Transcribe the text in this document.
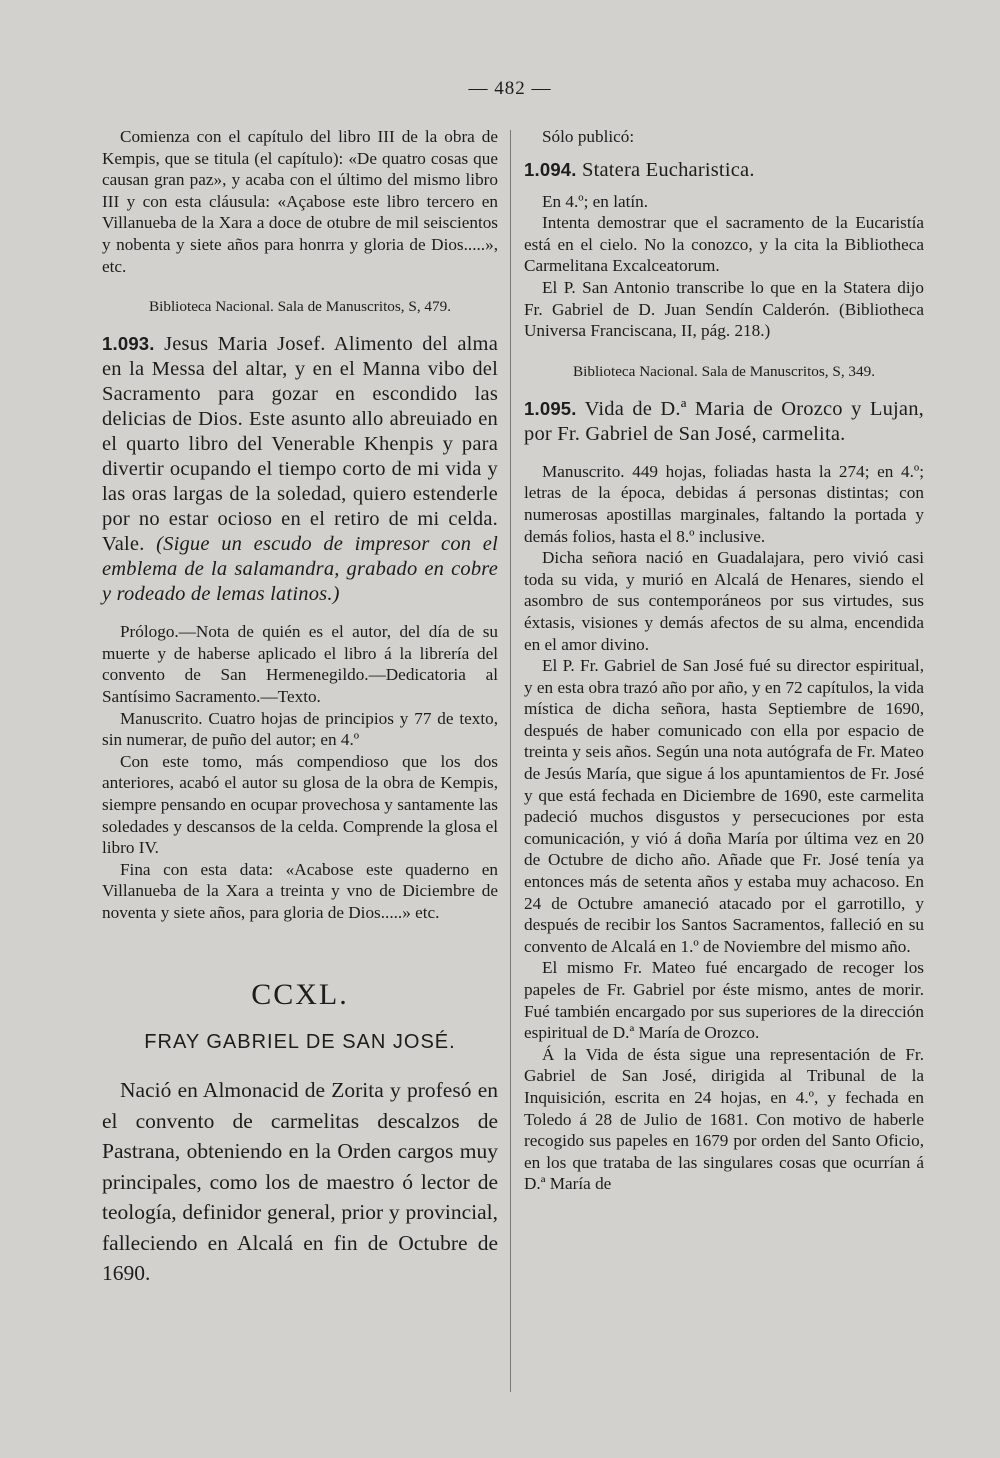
— 482 —

Comienza con el capítulo del libro III de la obra de Kempis, que se titula (el capítulo): «De quatro cosas que causan gran paz», y acaba con el último del mismo libro III y con esta cláusula: «Açabose este libro tercero en Villanueba de la Xara a doce de otubre de mil seiscientos y nobenta y siete años para honrra y gloria de Dios.....», etc.

Biblioteca Nacional. Sala de Manuscritos, S, 479.

1.093. Jesus Maria Josef. Alimento del alma en la Messa del altar, y en el Manna vibo del Sacramento para gozar en escondido las delicias de Dios. Este asunto allo abreuiado en el quarto libro del Venerable Khenpis y para divertir ocupando el tiempo corto de mi vida y las oras largas de la soledad, quiero estenderle por no estar ocioso en el retiro de mi celda. Vale. (Sigue un escudo de impresor con el emblema de la salamandra, grabado en cobre y rodeado de lemas latinos.)

Prólogo.—Nota de quién es el autor, del día de su muerte y de haberse aplicado el libro á la librería del convento de San Hermenegildo.—Dedicatoria al Santísimo Sacramento.—Texto.

Manuscrito. Cuatro hojas de principios y 77 de texto, sin numerar, de puño del autor; en 4.º

Con este tomo, más compendioso que los dos anteriores, acabó el autor su glosa de la obra de Kempis, siempre pensando en ocupar provechosa y santamente las soledades y descansos de la celda. Comprende la glosa el libro IV.

Fina con esta data: «Acabose este quaderno en Villanueba de la Xara a treinta y vno de Diciembre de noventa y siete años, para gloria de Dios.....» etc.

CCXL.
FRAY GABRIEL DE SAN JOSÉ.

Nació en Almonacid de Zorita y profesó en el convento de carmelitas descalzos de Pastrana, obteniendo en la Orden cargos muy principales, como los de maestro ó lector de teología, definidor general, prior y provincial, falleciendo en Alcalá en fin de Octubre de 1690.

Sólo publicó:

1.094. Statera Eucharistica.

En 4.º; en latín.

Intenta demostrar que el sacramento de la Eucaristía está en el cielo. No la conozco, y la cita la Bibliotheca Carmelitana Excalceatorum.

El P. San Antonio transcribe lo que en la Statera dijo Fr. Gabriel de D. Juan Sendín Calderón. (Bibliotheca Universa Franciscana, II, pág. 218.)

Biblioteca Nacional. Sala de Manuscritos, S, 349.

1.095. Vida de D.ª Maria de Orozco y Lujan, por Fr. Gabriel de San José, carmelita.

Manuscrito. 449 hojas, foliadas hasta la 274; en 4.º; letras de la época, debidas á personas distintas; con numerosas apostillas marginales, faltando la portada y demás folios, hasta el 8.º inclusive.

Dicha señora nació en Guadalajara, pero vivió casi toda su vida, y murió en Alcalá de Henares, siendo el asombro de sus contemporáneos por sus virtudes, sus éxtasis, visiones y demás afectos de su alma, encendida en el amor divino.

El P. Fr. Gabriel de San José fué su director espiritual, y en esta obra trazó año por año, y en 72 capítulos, la vida mística de dicha señora, hasta Septiembre de 1690, después de haber comunicado con ella por espacio de treinta y seis años. Según una nota autógrafa de Fr. Mateo de Jesús María, que sigue á los apuntamientos de Fr. José y que está fechada en Diciembre de 1690, este carmelita padeció muchos disgustos y persecuciones por esta comunicación, y vió á doña María por última vez en 20 de Octubre de dicho año. Añade que Fr. José tenía ya entonces más de setenta años y estaba muy achacoso. En 24 de Octubre amaneció atacado por el garrotillo, y después de recibir los Santos Sacramentos, falleció en su convento de Alcalá en 1.º de Noviembre del mismo año.

El mismo Fr. Mateo fué encargado de recoger los papeles de Fr. Gabriel por éste mismo, antes de morir. Fué también encargado por sus superiores de la dirección espiritual de D.ª María de Orozco.

Á la Vida de ésta sigue una representación de Fr. Gabriel de San José, dirigida al Tribunal de la Inquisición, escrita en 24 hojas, en 4.º, y fechada en Toledo á 28 de Julio de 1681. Con motivo de haberle recogido sus papeles en 1679 por orden del Santo Oficio, en los que trataba de las singulares cosas que ocurrían á D.ª María de
